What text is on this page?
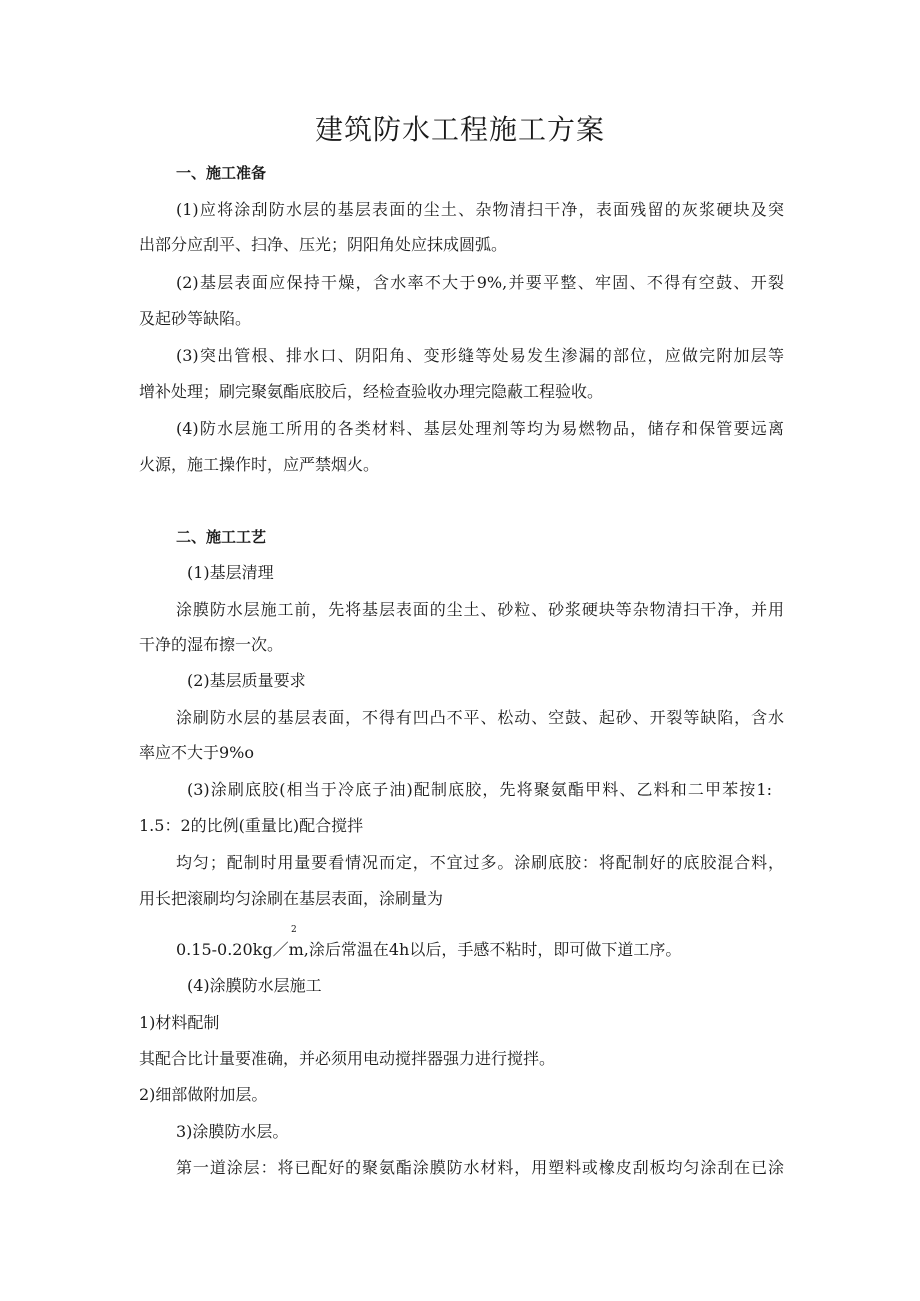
建筑防水工程施工方案
一、施工准备
(1)应将涂刮防水层的基层表面的尘土、杂物清扫干净，表面残留的灰浆硬块及突
出部分应刮平、扫净、压光；阴阳角处应抹成圆弧。
(2)基层表面应保持干燥，含水率不大于9%,并要平整、牢固、不得有空鼓、开裂
及起砂等缺陷。
(3)突出管根、排水口、阴阳角、变形缝等处易发生渗漏的部位，应做完附加层等
增补处理；刷完聚氨酯底胶后，经检查验收办理完隐蔽工程验收。
(4)防水层施工所用的各类材料、基层处理剂等均为易燃物品，储存和保管要远离
火源，施工操作时，应严禁烟火。
二、施工工艺
(1)基层清理
涂膜防水层施工前，先将基层表面的尘土、砂粒、砂浆硬块等杂物清扫干净，并用
干净的湿布擦一次。
(2)基层质量要求
涂刷防水层的基层表面，不得有凹凸不平、松动、空鼓、起砂、开裂等缺陷，含水
率应不大于9%o
(3)涂刷底胶(相当于冷底子油)配制底胶，先将聚氨酯甲料、乙料和二甲苯按1:
1.5：2的比例(重量比)配合搅拌
均匀；配制时用量要看情况而定，不宜过多。涂刷底胶：将配制好的底胶混合料，
用长把滚刷均匀涂刷在基层表面，涂刷量为
2
0.15-0.20kg／m,涂后常温在4h以后，手感不粘时，即可做下道工序。
(4)涂膜防水层施工
1)材料配制
其配合比计量要准确，并必须用电动搅拌器强力进行搅拌。
2)细部做附加层。
3)涂膜防水层。
第一道涂层：将已配好的聚氨酯涂膜防水材料，用塑料或橡皮刮板均匀涂刮在已涂
